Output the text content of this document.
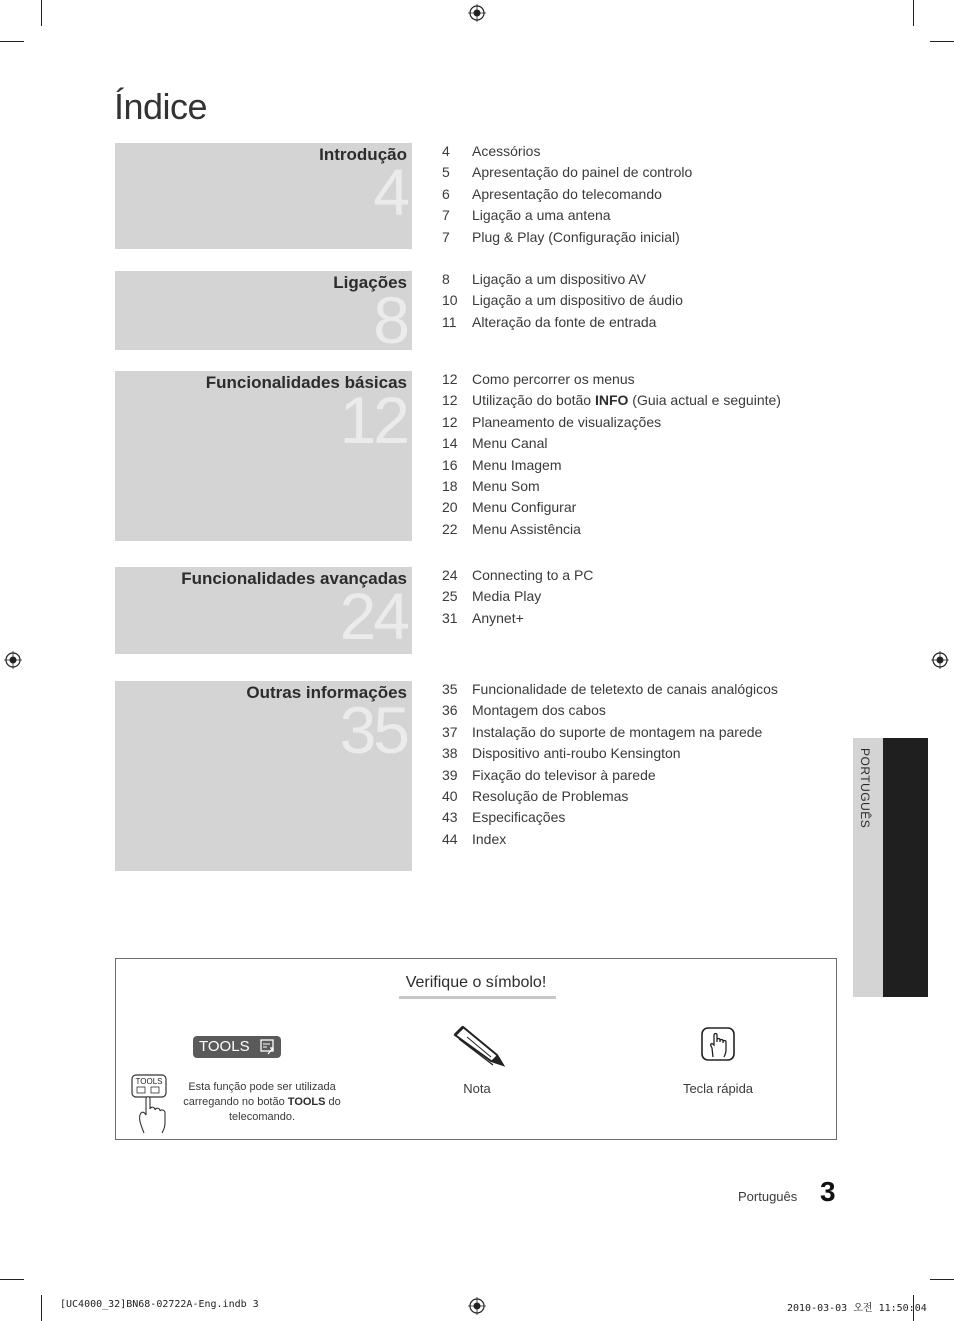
Índice
Introdução
4
4	Acessórios
5	Apresentação do painel de controlo
6	Apresentação do telecomando
7	Ligação a uma antena
7	Plug & Play (Configuração inicial)
Ligações
8
8	Ligação a um dispositivo AV
10	Ligação a um dispositivo de áudio
11	Alteração da fonte de entrada
Funcionalidades básicas
12
12	Como percorrer os menus
12	Utilização do botão INFO (Guia actual e seguinte)
12	Planeamento de visualizações
14	Menu Canal
16	Menu Imagem
18	Menu Som
20	Menu Configurar
22	Menu Assistência
Funcionalidades avançadas
24
24	Connecting to a PC
25	Media Play
31	Anynet+
Outras informações
35
35	Funcionalidade de teletexto de canais analógicos
36	Montagem dos cabos
37	Instalação do suporte de montagem na parede
38	Dispositivo anti-roubo Kensington
39	Fixação do televisor à parede
40	Resolução de Problemas
43	Especificações
44	Index
PORTUGUÊS
Verifique o símbolo!
TOOLS
TOOLS	Esta função pode ser utilizada carregando no botão TOOLS do telecomando.
Nota	Tecla rápida
Português 3
[UC4000_32]BN68-02722A-Eng.indb 3	2010-03-03 오전 11:50:04
